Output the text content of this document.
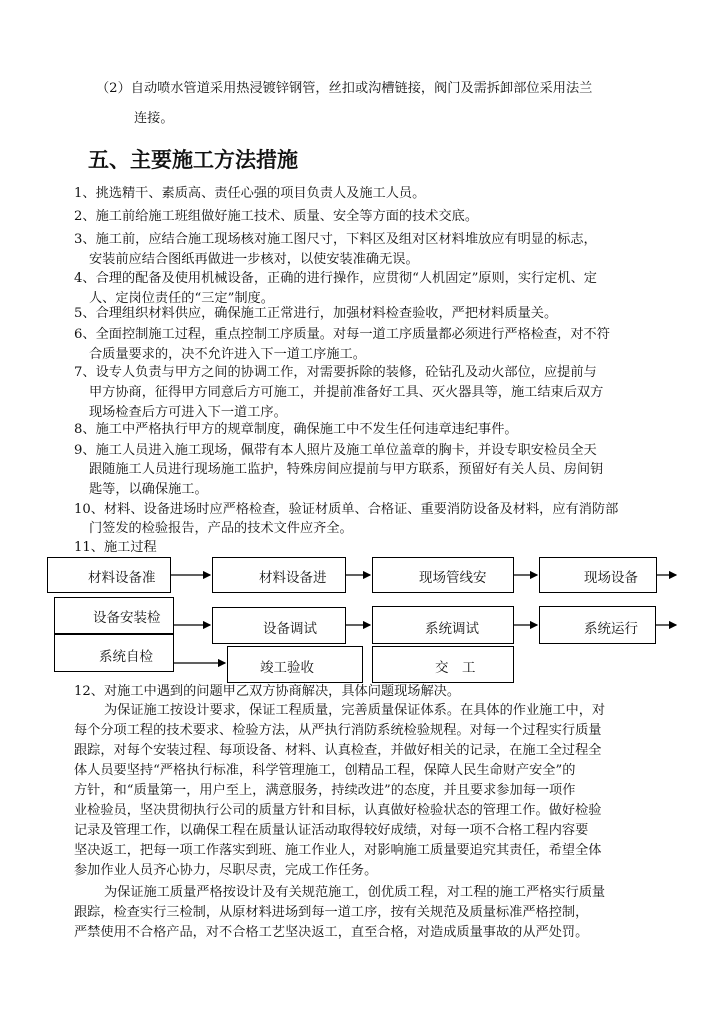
（2）自动喷水管道采用热浸镀锌钢管，丝扣或沟槽链接，阀门及需拆卸部位采用法兰
连接。
五、主要施工方法措施
1、挑选精干、素质高、责任心强的项目负责人及施工人员。
2、施工前给施工班组做好施工技术、质量、安全等方面的技术交底。
3、施工前，应结合施工现场核对施工图尺寸，下料区及组对区材料堆放应有明显的标志，
安装前应结合图纸再做进一步核对，以使安装准确无误。
4、合理的配备及使用机械设备，正确的进行操作，应贯彻“人机固定”原则，实行定机、定
人、定岗位责任的“三定”制度。
5、合理组织材料供应，确保施工正常进行，加强材料检查验收，严把材料质量关。
6、全面控制施工过程，重点控制工序质量。对每一道工序质量都必须进行严格检查，对不符
合质量要求的，决不允许进入下一道工序施工。
7、设专人负责与甲方之间的协调工作，对需要拆除的装修，砼钻孔及动火部位，应提前与
甲方协商，征得甲方同意后方可施工，并提前准备好工具、灭火器具等，施工结束后双方
现场检查后方可进入下一道工序。
8、施工中严格执行甲方的规章制度，确保施工中不发生任何违章违纪事件。
9、施工人员进入施工现场，佩带有本人照片及施工单位盖章的胸卡，并设专职安检员全天
跟随施工人员进行现场施工监护，特殊房间应提前与甲方联系，预留好有关人员、房间钥
匙等，以确保施工。
10、材料、设备进场时应严格检查，验证材质单、合格证、重要消防设备及材料，应有消防部
门签发的检验报告，产品的技术文件应齐全。
11、施工过程
材料设备准	材料设备进	现场管线安	现场设备
设备安装检
设备调试	系统调试	系统运行
系统自检
竣工验收	交　工
12、对施工中遇到的问题甲乙双方协商解决，具体问题现场解决。
为保证施工按设计要求，保证工程质量，完善质量保证体系。在具体的作业施工中，对
每个分项工程的技术要求、检验方法，从严执行消防系统检验规程。对每一个过程实行质量
跟踪，对每个安装过程、每项设备、材料、认真检查，并做好相关的记录，在施工全过程全
体人员要坚持“严格执行标准，科学管理施工，创精品工程，保障人民生命财产安全”的
方针，和“质量第一，用户至上，满意服务，持续改进”的态度，并且要求参加每一项作
业检验员，坚决贯彻执行公司的质量方针和目标，认真做好检验状态的管理工作。做好检验
记录及管理工作，以确保工程在质量认证活动取得较好成绩，对每一项不合格工程内容要
坚决返工，把每一项工作落实到班、施工作业人，对影响施工质量要追究其责任，希望全体
参加作业人员齐心协力，尽职尽责，完成工作任务。
为保证施工质量严格按设计及有关规范施工，创优质工程，对工程的施工严格实行质量
跟踪，检查实行三检制，从原材料进场到每一道工序，按有关规范及质量标准严格控制，
严禁使用不合格产品，对不合格工艺坚决返工，直至合格，对造成质量事故的从严处罚。
